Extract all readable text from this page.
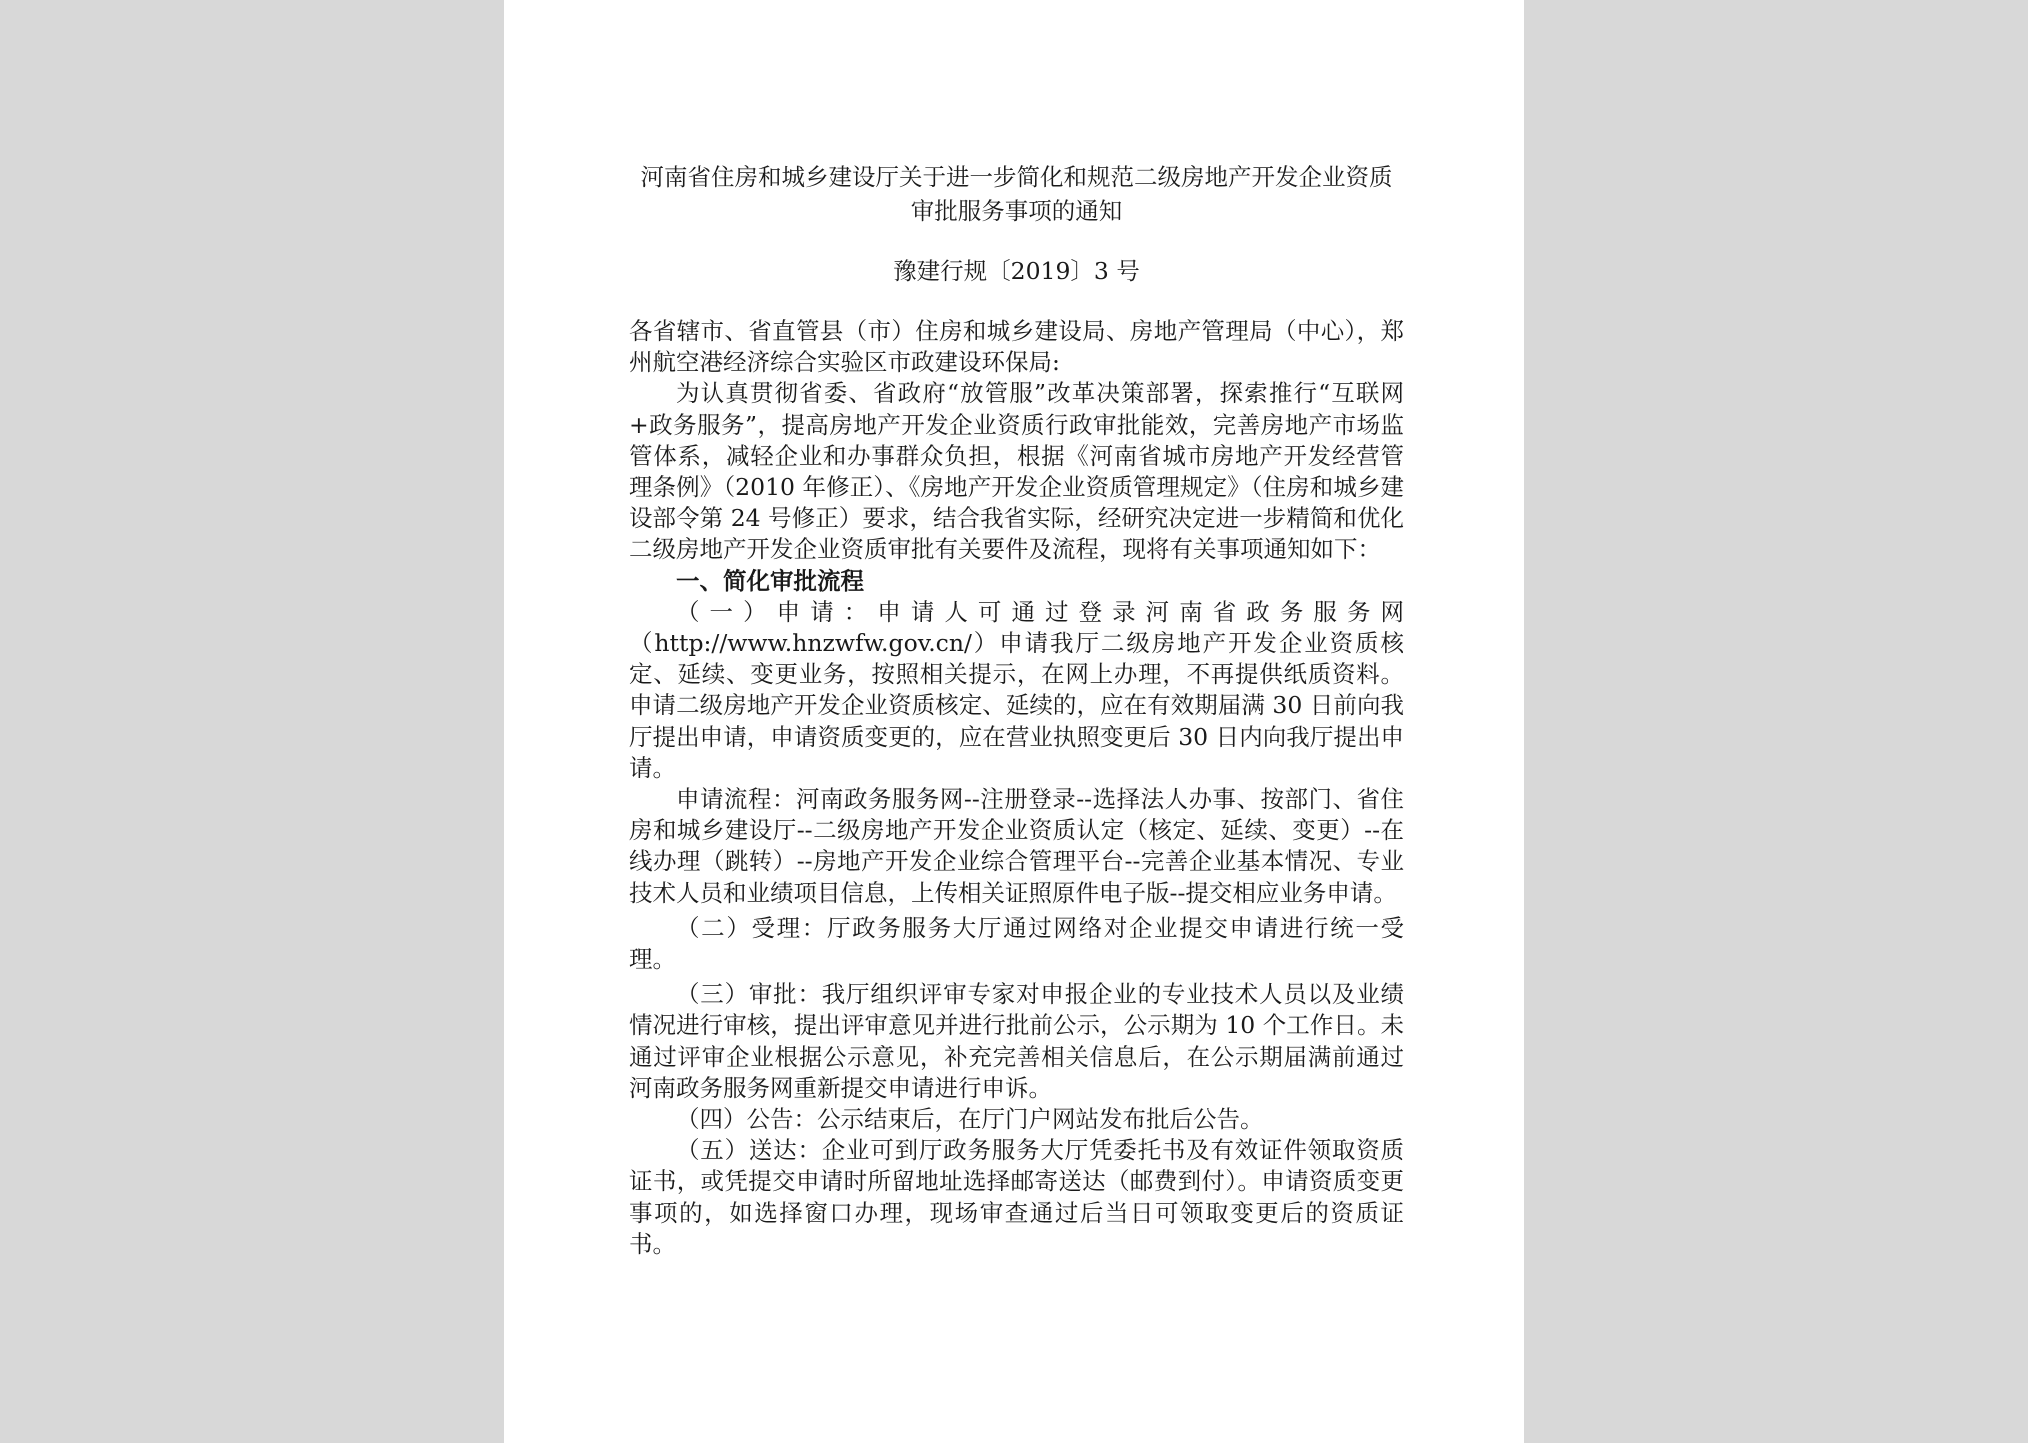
河南省住房和城乡建设厅关于进一步简化和规范二级房地产开发企业资质
审批服务事项的通知
豫建行规〔2019〕3 号

各省辖市、省直管县（市）住房和城乡建设局、房地产管理局（中心），郑州航空港经济综合实验区市政建设环保局:

为认真贯彻省委、省政府“放管服”改革决策部署，探索推行“互联网+政务服务”，提高房地产开发企业资质行政审批能效，完善房地产市场监管体系，减轻企业和办事群众负担，根据《河南省城市房地产开发经营管理条例》（2010 年修正）、《房地产开发企业资质管理规定》（住房和城乡建设部令第 24 号修正）要求，结合我省实际，经研究决定进一步精简和优化二级房地产开发企业资质审批有关要件及流程，现将有关事项通知如下：

一、简化审批流程

（一）申请：申请人可通过登录河南省政务服务网（http://www.hnzwfw.gov.cn/）申请我厅二级房地产开发企业资质核定、延续、变更业务，按照相关提示，在网上办理，不再提供纸质资料。申请二级房地产开发企业资质核定、延续的，应在有效期届满 30 日前向我厅提出申请，申请资质变更的，应在营业执照变更后 30 日内向我厅提出申请。

申请流程：河南政务服务网--注册登录--选择法人办事、按部门、省住房和城乡建设厅--二级房地产开发企业资质认定（核定、延续、变更）--在线办理（跳转）--房地产开发企业综合管理平台--完善企业基本情况、专业技术人员和业绩项目信息，上传相关证照原件电子版--提交相应业务申请。

（二）受理：厅政务服务大厅通过网络对企业提交申请进行统一受理。

（三）审批：我厅组织评审专家对申报企业的专业技术人员以及业绩情况进行审核，提出评审意见并进行批前公示，公示期为 10 个工作日。未通过评审企业根据公示意见，补充完善相关信息后，在公示期届满前通过河南政务服务网重新提交申请进行申诉。

（四）公告：公示结束后，在厅门户网站发布批后公告。

（五）送达：企业可到厅政务服务大厅凭委托书及有效证件领取资质证书，或凭提交申请时所留地址选择邮寄送达（邮费到付）。申请资质变更事项的，如选择窗口办理，现场审查通过后当日可领取变更后的资质证书。
